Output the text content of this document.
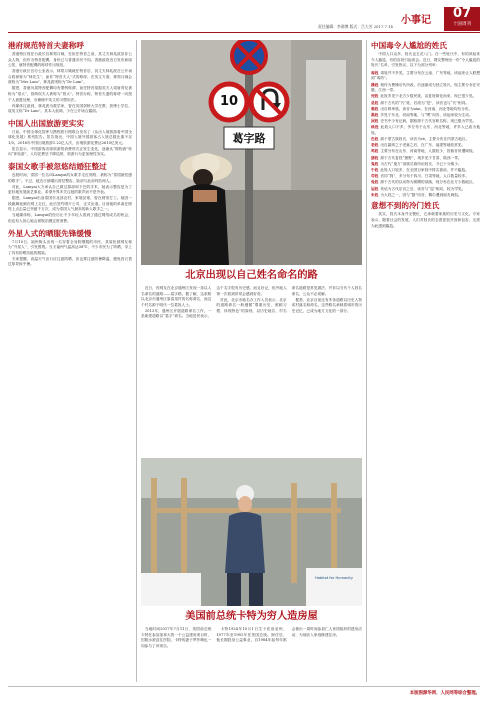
小事记
责任编辑：李满博 版式：吕大芳 2017.7.14
07
十国周刊
港府规范特首夫妻称呼

香港特区现任行政长官林郑月娥，在担任特首之前，其丈夫林兆波虽非公众人物，但作为特首配偶，身份已与普通市民不同。香港政府近日发布新闻公报，就特首配偶的称呼作出规范。

香港行政长官办公室表示，林郑月娥就任特首后，其丈夫林兆波在公开场合将被称为“林先生”，而非“特首夫人”式的称呼。在英文方面，林郑月娥会被称为“Mrs Lam”，林兆波则称为“Dr Lam”。

据悉，香港历届特首配偶均有惯例称谓，前任特首梁振英夫人梁唐青仪被称为“梁太”，曾荫权夫人被称为“曾太”。特首办称，特首夫妻的称呼一向按个人意愿处理，亦兼顾中英文的习惯用法。

有媒体注意到，林兆波为数学家，曾在英国剑桥大学任教，获博士学位，故英文称“Dr Lam”。其本人低调，少在公开场合露面。

中国人出国旅游更实实

日前，中国全球化智库与携程旅行网联合发布了《从出入境旅游看中国全球化发展》系列报告。报告指出，中国入境外国游客占入境总数比重不足1/5。2016年中国出境旅游1.22亿人次，出境旅游花费达2610亿美元。

报告显示，中国游客出境旅游的消费形式正发生变化，逐渐从“购物游”转向“体验游”，人均花费呈下降趋势，旅游行为更加理性务实。

泰国女歌手被忽悠结婚狂整过

近段时间，泰国一位名叫Lamyai的女歌手走红网络，被称为“泰国最性感的歌手”。不过，她近日被曝出曾经整容，脸部与此前判若两人。

对此，Lamyai大方承认自己做过鼻部和下巴的手术，她表示整容是为了更好地发展演艺事业，希望外界多关注她的歌声而不是外表。

据悉，Lamyai出身泰国东北部农村，家境贫寒，曾在餐馆打工。她因一段跳舞视频在网上走红，此后签约唱片公司，正式出道。目前她的单曲在网络上点击量已突破千万次，成为泰国人气最高的新人歌手之一。

当地媒体称，Lamyai的经历让不少年轻人看到了通过网络成名的机会，但也有人担心她会被娱乐圈过度消费。

外星人式的晒服先锋缓慢

7月10日，福州街头出现一名穿着全身防晒服的市民，其装扮被网友称为“外星人”，引发围观。当天福州气温高达38℃，不少市民为了防晒，穿上了具有防晒功能的服装。

专家提醒，高温天气出行应注意防晒，但也要注意防暑降温，避免因衣着过厚导致中暑。

10
葛字路
北京出现以自己姓名命名的路

近日，有网友在北京通州区发现一条以人名命名的道路——葛字路。据了解，这条路以北京市通州区原葛渠村的名称命名，而这个村名源于明代一位葛姓人士。

2013年，通州区开展道路命名工作，一条新建道路以“葛字”命名。当地居民表示，这个名字很有历史感，而且好记，但外地人第一次看到常常会感到好奇。

对此，北京市地名办工作人员表示，北京的道路命名一般遵循“尊重历史、照顾习惯、体现特色”的原则，以历史地名、村名命名道路是常见做法，并非以当代个人姓名命名，公众不必误解。

据悉，北京目前还有多条道路以历史人物或村落名称命名，这些路名承载着城市的历史记忆，已成为地方文化的一部分。

Habitat for Humanity
美国前总统卡特为穷人造房屋

当地时间2017年7月11日，美国前总统卡特在参加加拿大的一个公益建房项目时，因脱水被送往医院。卡特的妻子罗莎琳也一同参与了该项目。

卡特1924年10月1日生于佐治亚州，1977年至1981年任美国总统。卸任后，他长期投身公益事业，自1984年起每年都会抽出一周时间参加仁人家园组织的建房活动，为低收入家庭修建住房。

中国毒令人尴尬的姓氏
中国人口众多，姓氏也五花八门。在一些姓氏中，有的读起来令人尴尬，有的容易引起误会。近日，网友整理出一份“令人尴尬的姓氏”名单，引发热议。以下为部分列举：
毒姓 毒姓并不多见，主要分布在云南、广东等地，读起来让人联想到“毒药”。
操姓 相传为曹操后代所改，后逐渐成为独立姓氏，现主要分布在安徽、江西一带。
死姓 此姓多见于北方少数民族，由复姓简化而来，现已很少见。
是姓 源于古代的“氏”姓，后改为“是”，读音也与“氏”相同。
难姓 出自鲜卑族，读音为nàn，在河南、河北等地均有分布。
黑姓 多见于东北、河南等地，与“嘿”同音，读起来较为生动。
屎姓 史书中少有记载，据称源于古代官职名称，现已极为罕见。
贱姓 此姓人口不多，多分布于山东、河北等地，许多人已改为他姓。
色姓 源于蒙古族姓氏，读音为sè，主要分布在内蒙古地区。
老姓 出自颛顼之子老童之后，在广东、福建等地较常见。
鸡姓 主要分布在山东、河南等地，人数较少，因谐音常遭调侃。
猪姓 源于古代复姓“猪野”，现多见于甘肃、陕西一带。
鬼姓 为古代“鬼方”部族后裔所用姓氏，今已十分稀少。
牛姓 此姓人口较多，在全国百家姓中排名靠前，并不尴尬。
苟姓 音同“狗”，多分布于四川、甘肃等地，人口数量较多。
兔姓 源于古代的以动物为图腾的部落，现分布在北方少数地区。
屁姓 传说为古代乐官之后，读音与“屁”相同，较为罕见。
朱姓 为大姓之一，因与“猪”同音，偶尔遭到朋友调侃。
意想不到的冷门姓氏
其实，姓氏本身并无褒贬，它承载着家族的历史与文化。专家表示，随着社会的发展，人们对姓氏的态度更加开放和包容，无需为此感到尴尬。
本版图源华网、人民网等综合整理。
